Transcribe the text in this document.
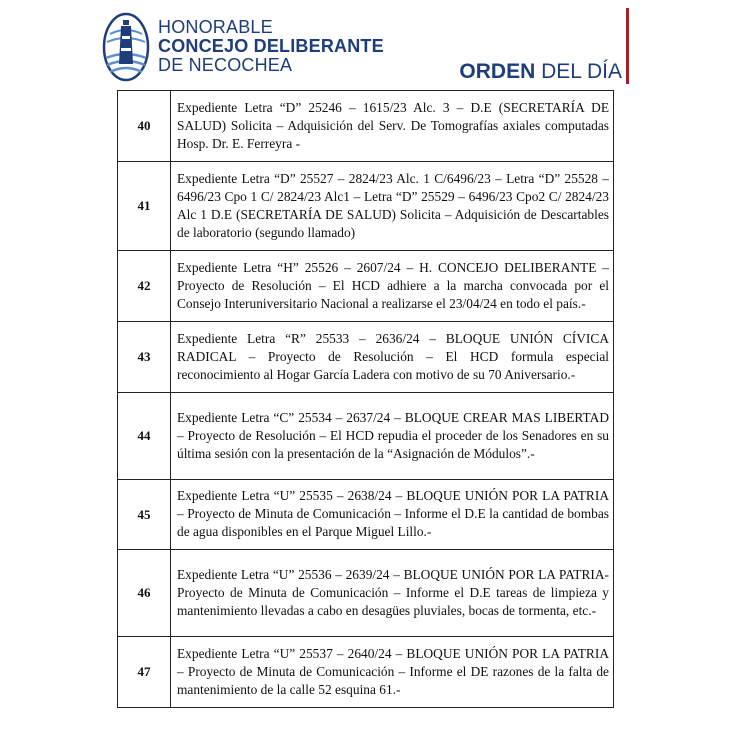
HONORABLE
CONCEJO DELIBERANTE
DE NECOCHEA	ORDEN DEL DÍA
40	Expediente Letra “D” 25246 – 1615/23 Alc. 3 – D.E (SECRETARÍA DE SALUD) Solicita – Adquisición del Serv. De Tomografías axiales computadas Hosp. Dr. E. Ferreyra -
41	Expediente Letra “D” 25527 – 2824/23 Alc. 1 C/6496/23 – Letra “D” 25528 – 6496/23 Cpo 1 C/ 2824/23 Alc1 – Letra “D” 25529 – 6496/23 Cpo2 C/ 2824/23 Alc 1 D.E (SECRETARÍA DE SALUD) Solicita – Adquisición de Descartables de laboratorio (segundo llamado)
42	Expediente Letra “H” 25526 – 2607/24 – H. CONCEJO DELIBERANTE – Proyecto de Resolución – El HCD adhiere a la marcha convocada por el Consejo Interuniversitario Nacional a realizarse el 23/04/24 en todo el país.-
43	Expediente Letra “R” 25533 – 2636/24 – BLOQUE UNIÓN CÍVICA RADICAL – Proyecto de Resolución – El HCD formula especial reconocimiento al Hogar García Ladera con motivo de su 70 Aniversario.-
44	Expediente Letra “C” 25534 – 2637/24 – BLOQUE CREAR MAS LIBERTAD – Proyecto de Resolución – El HCD repudia el proceder de los Senadores en su última sesión con la presentación de la “Asignación de Módulos”.-
45	Expediente Letra “U” 25535 – 2638/24 – BLOQUE UNIÓN POR LA PATRIA – Proyecto de Minuta de Comunicación – Informe el D.E la cantidad de bombas de agua disponibles en el Parque Miguel Lillo.-
46	Expediente Letra “U” 25536 – 2639/24 – BLOQUE UNIÓN POR LA PATRIA- Proyecto de Minuta de Comunicación – Informe el D.E tareas de limpieza y mantenimiento llevadas a cabo en desagües pluviales, bocas de tormenta, etc.-
47	Expediente Letra “U” 25537 – 2640/24 – BLOQUE UNIÓN POR LA PATRIA – Proyecto de Minuta de Comunicación – Informe el DE razones de la falta de mantenimiento de la calle 52 esquina 61.-
